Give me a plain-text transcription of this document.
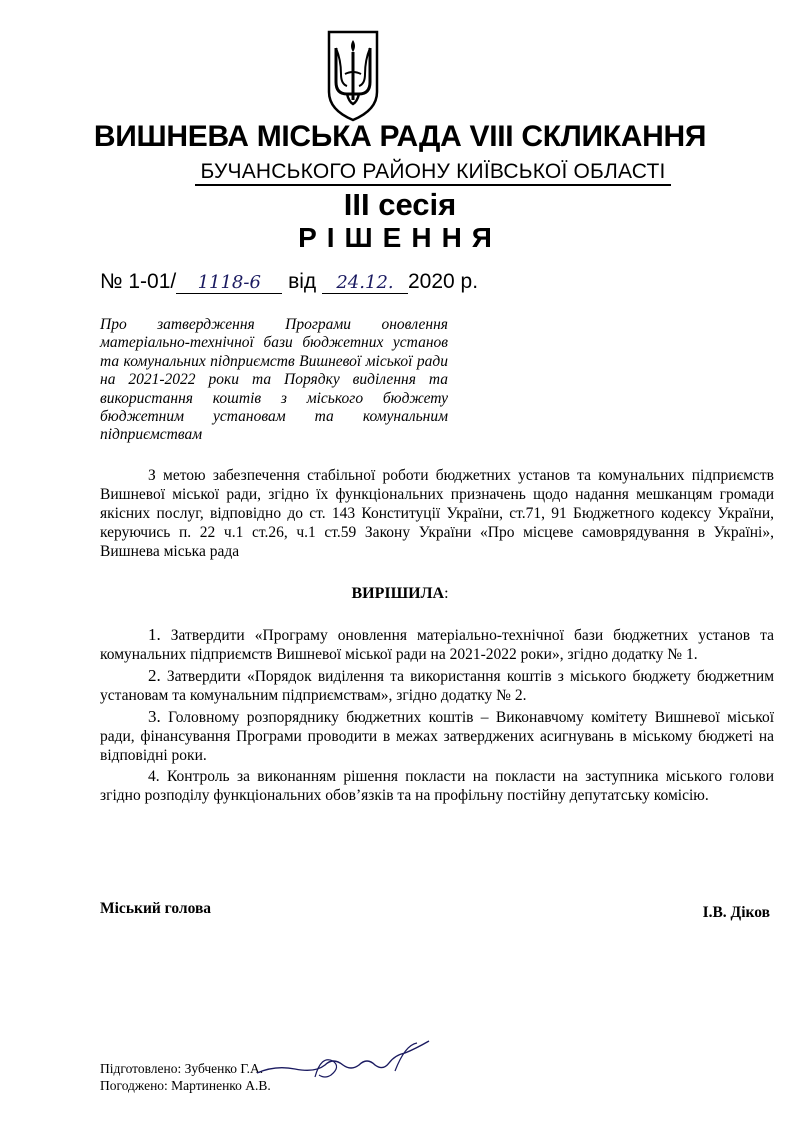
ВИШНЕВА МІСЬКА РАДА VIII СКЛИКАННЯ
БУЧАНСЬКОГО РАЙОНУ КИЇВСЬКОЇ ОБЛАСТІ
ІІІ сесія
РІШЕННЯ
№ 1-01/ 1118-6 від 24.12. 2020 р.
Про затвердження Програми оновлення матеріально-технічної бази бюджетних установ та комунальних підприємств Вишневої міської ради на 2021-2022 роки та Порядку виділення та використання коштів з міського бюджету бюджетним установам та комунальним підприємствам
З метою забезпечення стабільної роботи бюджетних установ та комунальних підприємств Вишневої міської ради, згідно їх функціональних призначень щодо надання мешканцям громади якісних послуг, відповідно до ст. 143 Конституції України, ст.71, 91 Бюджетного кодексу України, керуючись п. 22 ч.1 ст.26, ч.1 ст.59 Закону України «Про місцеве самоврядування в Україні», Вишнева міська рада
ВИРІШИЛА:

1. Затвердити «Програму оновлення матеріально-технічної бази бюджетних установ та комунальних підприємств Вишневої міської ради на 2021-2022 роки», згідно додатку № 1.

2. Затвердити «Порядок виділення та використання коштів з міського бюджету бюджетним установам та комунальним підприємствам», згідно додатку № 2.

3. Головному розпоряднику бюджетних коштів – Виконавчому комітету Вишневої міської ради, фінансування Програми проводити в межах затверджених асигнувань в міському бюджеті на відповідні роки.

4. Контроль за виконанням рішення покласти на покласти на заступника міського голови згідно розподілу функціональних обов’язків та на профільну постійну депутатську комісію.

Міський голова	І.В. Діков
Підготовлено: Зубченко Г.А.
Погоджено: Мартиненко А.В.
